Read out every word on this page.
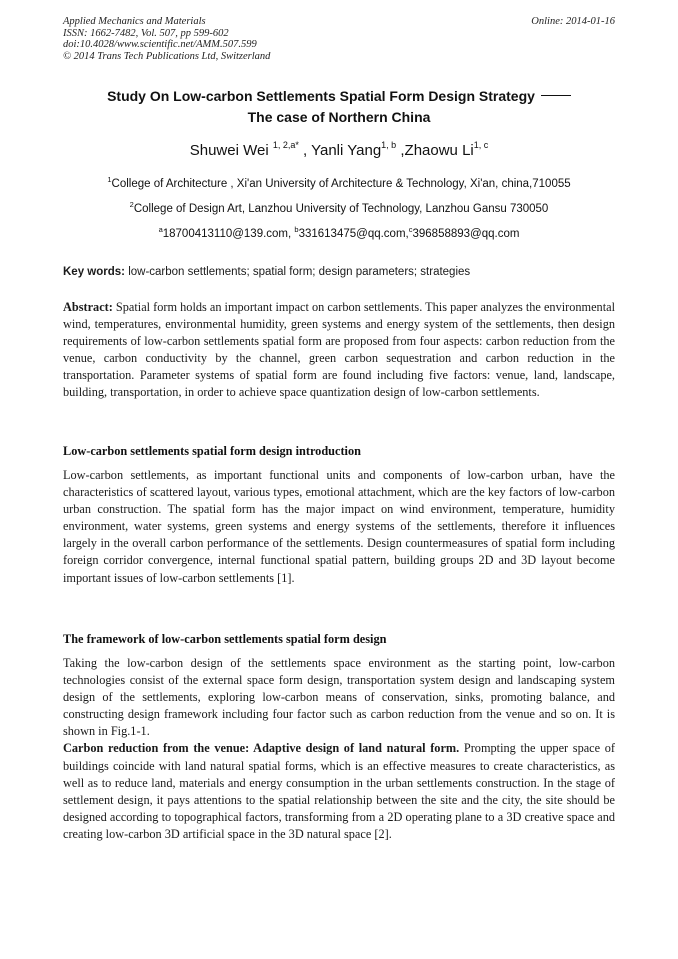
Applied Mechanics and Materials
ISSN: 1662-7482, Vol. 507, pp 599-602
doi:10.4028/www.scientific.net/AMM.507.599
© 2014 Trans Tech Publications Ltd, Switzerland
Online: 2014-01-16
Study On Low-carbon Settlements Spatial Form Design Strategy
The case of Northern China
Shuwei Wei $^{1, 2,a*}$ , Yanli Yang$^{1, b}$ ,Zhaowu Li$^{1, c}$
$^1$College of Architecture , Xi'an University of Architecture & Technology, Xi'an, china,710055
$^2$College of Design Art, Lanzhou University of Technology, Lanzhou Gansu 730050
$^a$18700413110@139.com, $^b$331613475@qq.com,$^c$396858893@qq.com
Key words: low-carbon settlements; spatial form; design parameters; strategies
Abstract: Spatial form holds an important impact on carbon settlements. This paper analyzes the environmental wind, temperatures, environmental humidity, green systems and energy system of the settlements, then design requirements of low-carbon settlements spatial form are proposed from four aspects: carbon reduction from the venue, carbon conductivity by the channel, green carbon sequestration and carbon reduction in the transportation. Parameter systems of spatial form are found including five factors: venue, land, landscape, building, transportation, in order to achieve space quantization design of low-carbon settlements.
Low-carbon settlements spatial form design introduction
Low-carbon settlements, as important functional units and components of low-carbon urban, have the characteristics of scattered layout, various types, emotional attachment, which are the key factors of low-carbon urban construction. The spatial form has the major impact on wind environment, temperature, humidity environment, water systems, green systems and energy systems of the settlements, therefore it influences largely in the overall carbon performance of the settlements. Design countermeasures of spatial form including foreign corridor convergence, internal functional spatial pattern, building groups 2D and 3D layout become important issues of low-carbon settlements [1].
The framework of low-carbon settlements spatial form design
Taking the low-carbon design of the settlements space environment as the starting point, low-carbon technologies consist of the external space form design, transportation system design and landscaping system design of the settlements, exploring low-carbon means of conservation, sinks, promoting balance, and constructing design framework including four factor such as carbon reduction from the venue and so on. It is shown in Fig.1-1.
Carbon reduction from the venue: Adaptive design of land natural form. Prompting the upper space of buildings coincide with land natural spatial forms, which is an effective measures to create characteristics, as well as to reduce land, materials and energy consumption in the urban settlements construction. In the stage of settlement design, it pays attentions to the spatial relationship between the site and the city, the site should be designed according to topographical factors, transforming from a 2D operating plane to a 3D creative space and creating low-carbon 3D artificial space in the 3D natural space [2].
